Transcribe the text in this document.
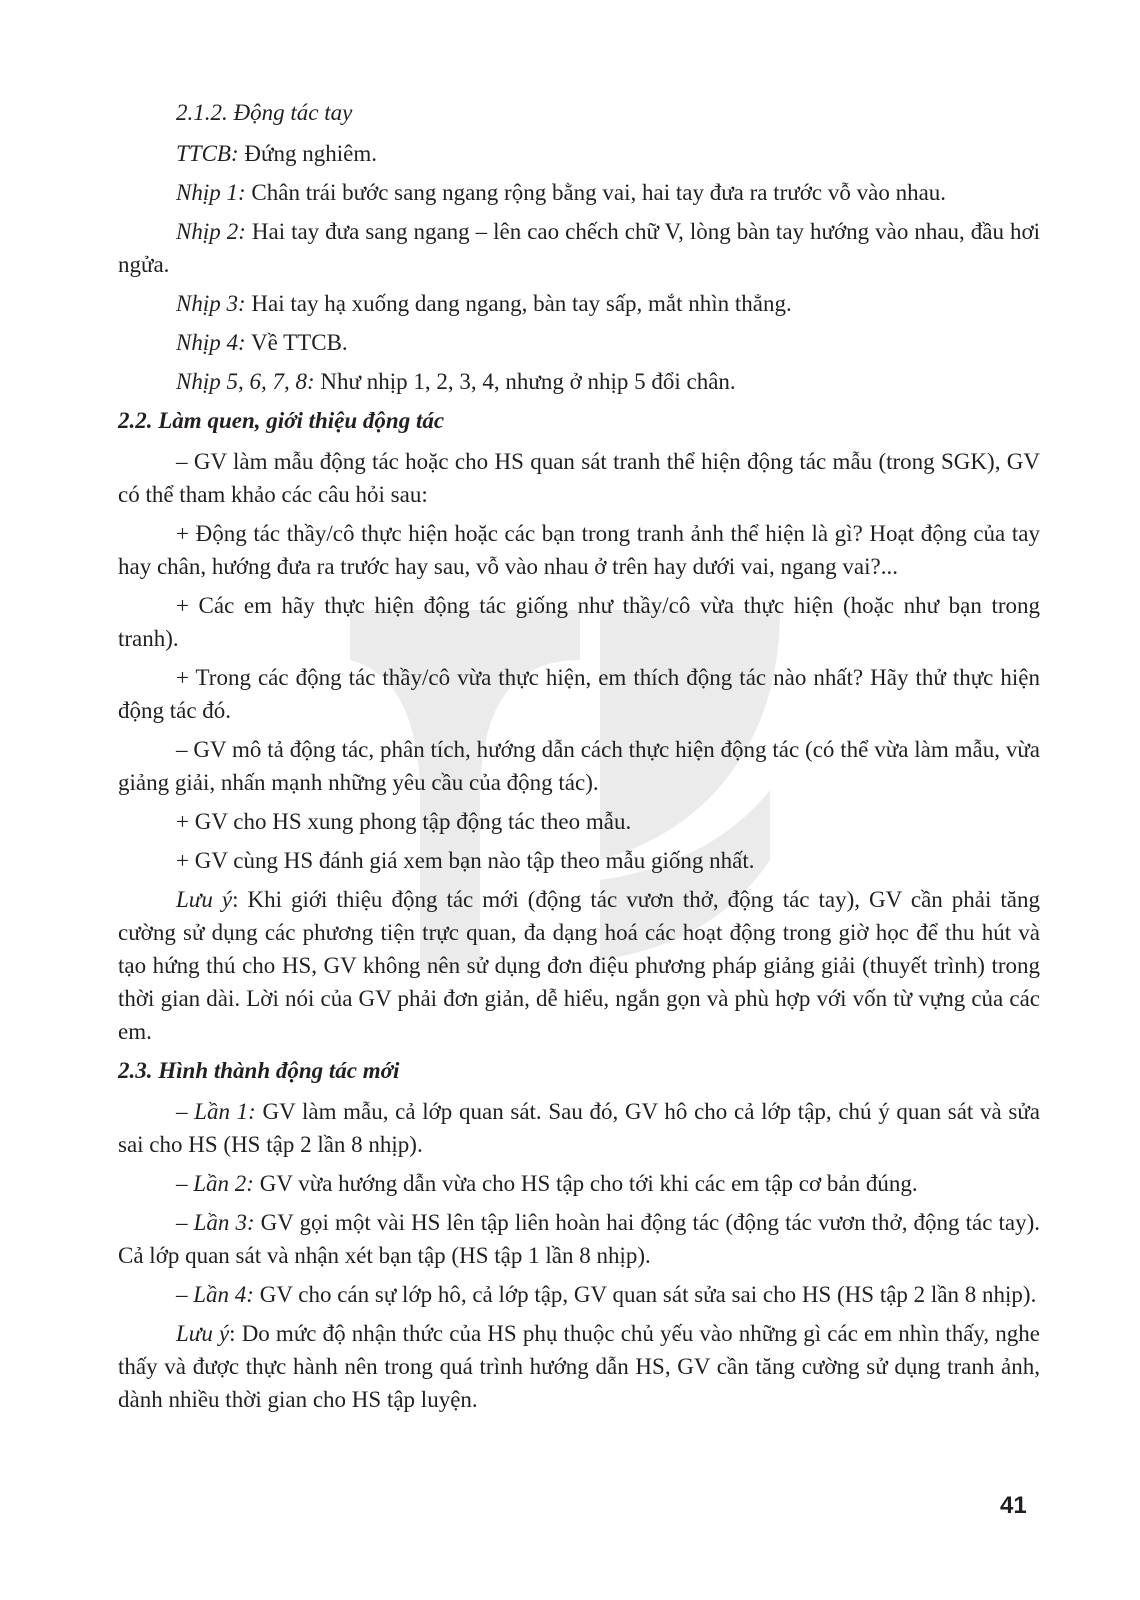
2.1.2. Động tác tay

TTCB: Đứng nghiêm.

Nhịp 1: Chân trái bước sang ngang rộng bằng vai, hai tay đưa ra trước vỗ vào nhau.

Nhịp 2: Hai tay đưa sang ngang – lên cao chếch chữ V, lòng bàn tay hướng vào nhau, đầu hơi ngửa.

Nhịp 3: Hai tay hạ xuống dang ngang, bàn tay sấp, mắt nhìn thẳng.

Nhịp 4: Về TTCB.

Nhịp 5, 6, 7, 8: Như nhịp 1, 2, 3, 4, nhưng ở nhịp 5 đổi chân.

2.2. Làm quen, giới thiệu động tác

– GV làm mẫu động tác hoặc cho HS quan sát tranh thể hiện động tác mẫu (trong SGK), GV có thể tham khảo các câu hỏi sau:

+ Động tác thầy/cô thực hiện hoặc các bạn trong tranh ảnh thể hiện là gì? Hoạt động của tay hay chân, hướng đưa ra trước hay sau, vỗ vào nhau ở trên hay dưới vai, ngang vai?...

+ Các em hãy thực hiện động tác giống như thầy/cô vừa thực hiện (hoặc như bạn trong tranh).

+ Trong các động tác thầy/cô vừa thực hiện, em thích động tác nào nhất? Hãy thử thực hiện động tác đó.

– GV mô tả động tác, phân tích, hướng dẫn cách thực hiện động tác (có thể vừa làm mẫu, vừa giảng giải, nhấn mạnh những yêu cầu của động tác).

+ GV cho HS xung phong tập động tác theo mẫu.

+ GV cùng HS đánh giá xem bạn nào tập theo mẫu giống nhất.

Lưu ý: Khi giới thiệu động tác mới (động tác vươn thở, động tác tay), GV cần phải tăng cường sử dụng các phương tiện trực quan, đa dạng hoá các hoạt động trong giờ học để thu hút và tạo hứng thú cho HS, GV không nên sử dụng đơn điệu phương pháp giảng giải (thuyết trình) trong thời gian dài. Lời nói của GV phải đơn giản, dễ hiểu, ngắn gọn và phù hợp với vốn từ vựng của các em.

2.3. Hình thành động tác mới

– Lần 1: GV làm mẫu, cả lớp quan sát. Sau đó, GV hô cho cả lớp tập, chú ý quan sát và sửa sai cho HS (HS tập 2 lần 8 nhịp).

– Lần 2: GV vừa hướng dẫn vừa cho HS tập cho tới khi các em tập cơ bản đúng.

– Lần 3: GV gọi một vài HS lên tập liên hoàn hai động tác (động tác vươn thở, động tác tay). Cả lớp quan sát và nhận xét bạn tập (HS tập 1 lần 8 nhịp).

– Lần 4: GV cho cán sự lớp hô, cả lớp tập, GV quan sát sửa sai cho HS (HS tập 2 lần 8 nhịp).

Lưu ý: Do mức độ nhận thức của HS phụ thuộc chủ yếu vào những gì các em nhìn thấy, nghe thấy và được thực hành nên trong quá trình hướng dẫn HS, GV cần tăng cường sử dụng tranh ảnh, dành nhiều thời gian cho HS tập luyện.

41
